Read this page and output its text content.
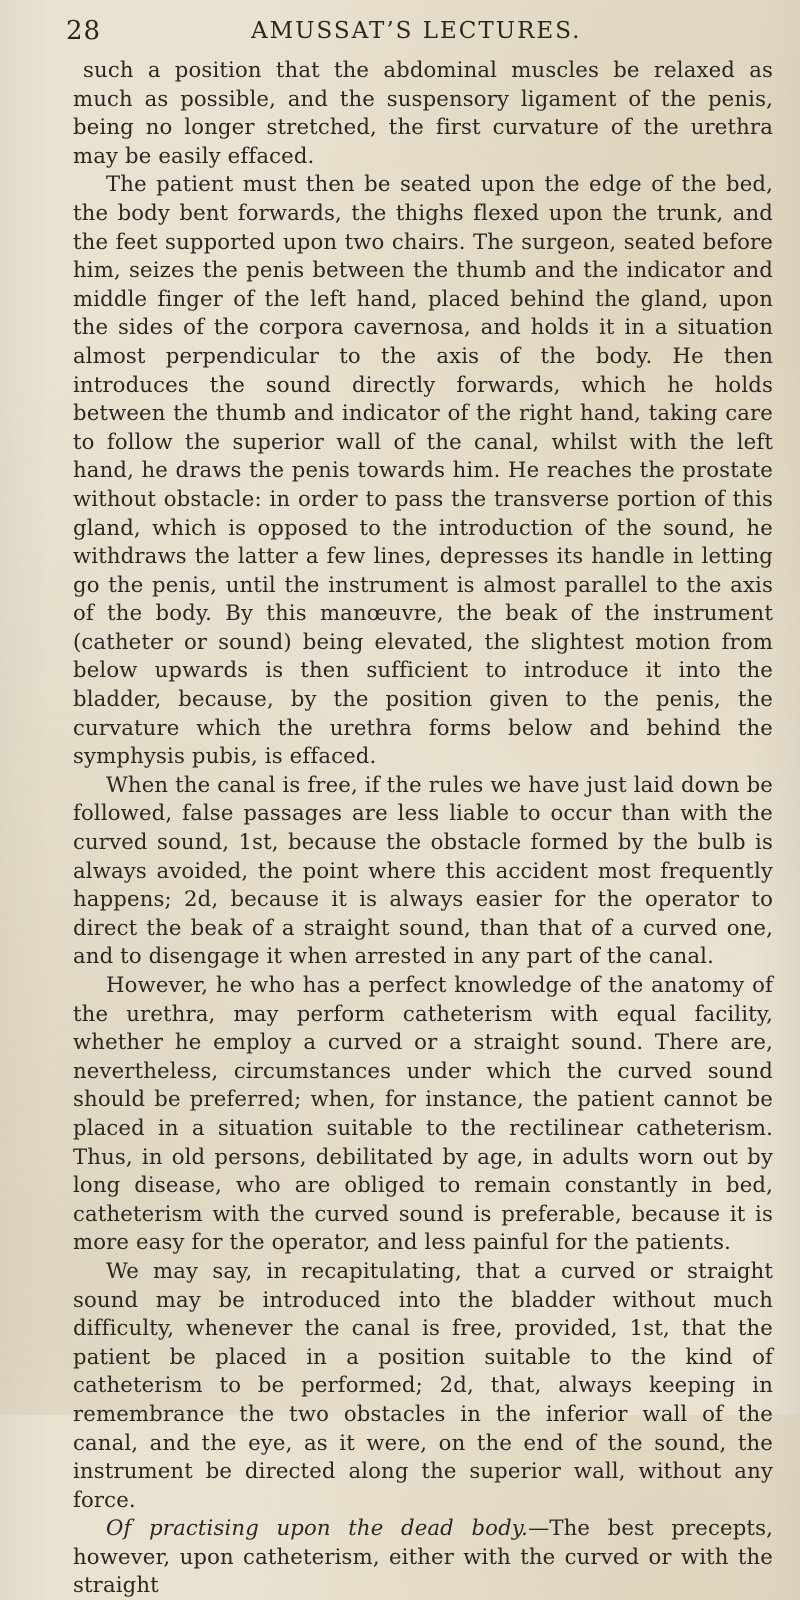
28	AMUSSAT’S LECTURES.

such a position that the abdominal muscles be relaxed as much as possible, and the suspensory ligament of the penis, being no longer stretched, the first curvature of the urethra may be easily effaced.

The patient must then be seated upon the edge of the bed, the body bent forwards, the thighs flexed upon the trunk, and the feet supported upon two chairs. The surgeon, seated before him, seizes the penis between the thumb and the indicator and middle finger of the left hand, placed behind the gland, upon the sides of the corpora cavernosa, and holds it in a situation almost perpendicular to the axis of the body. He then introduces the sound directly forwards, which he holds between the thumb and indicator of the right hand, taking care to follow the superior wall of the canal, whilst with the left hand, he draws the penis towards him. He reaches the prostate without obstacle: in order to pass the transverse portion of this gland, which is opposed to the introduction of the sound, he withdraws the latter a few lines, depresses its handle in letting go the penis, until the instrument is almost parallel to the axis of the body. By this manœuvre, the beak of the instrument (catheter or sound) being elevated, the slightest motion from below upwards is then sufficient to introduce it into the bladder, because, by the position given to the penis, the curvature which the urethra forms below and behind the symphysis pubis, is effaced.

When the canal is free, if the rules we have just laid down be followed, false passages are less liable to occur than with the curved sound, 1st, because the obstacle formed by the bulb is always avoided, the point where this accident most frequently happens; 2d, because it is always easier for the operator to direct the beak of a straight sound, than that of a curved one, and to disengage it when arrested in any part of the canal.

However, he who has a perfect knowledge of the anatomy of the urethra, may perform catheterism with equal facility, whether he employ a curved or a straight sound. There are, nevertheless, circumstances under which the curved sound should be preferred; when, for instance, the patient cannot be placed in a situation suitable to the rectilinear catheterism. Thus, in old persons, debilitated by age, in adults worn out by long disease, who are obliged to remain constantly in bed, catheterism with the curved sound is preferable, because it is more easy for the operator, and less painful for the patients.

We may say, in recapitulating, that a curved or straight sound may be introduced into the bladder without much difficulty, whenever the canal is free, provided, 1st, that the patient be placed in a position suitable to the kind of catheterism to be performed; 2d, that, always keeping in remembrance the two obstacles in the inferior wall of the canal, and the eye, as it were, on the end of the sound, the instrument be directed along the superior wall, without any force.

Of practising upon the dead body.—The best precepts, however, upon catheterism, either with the curved or with the straight
